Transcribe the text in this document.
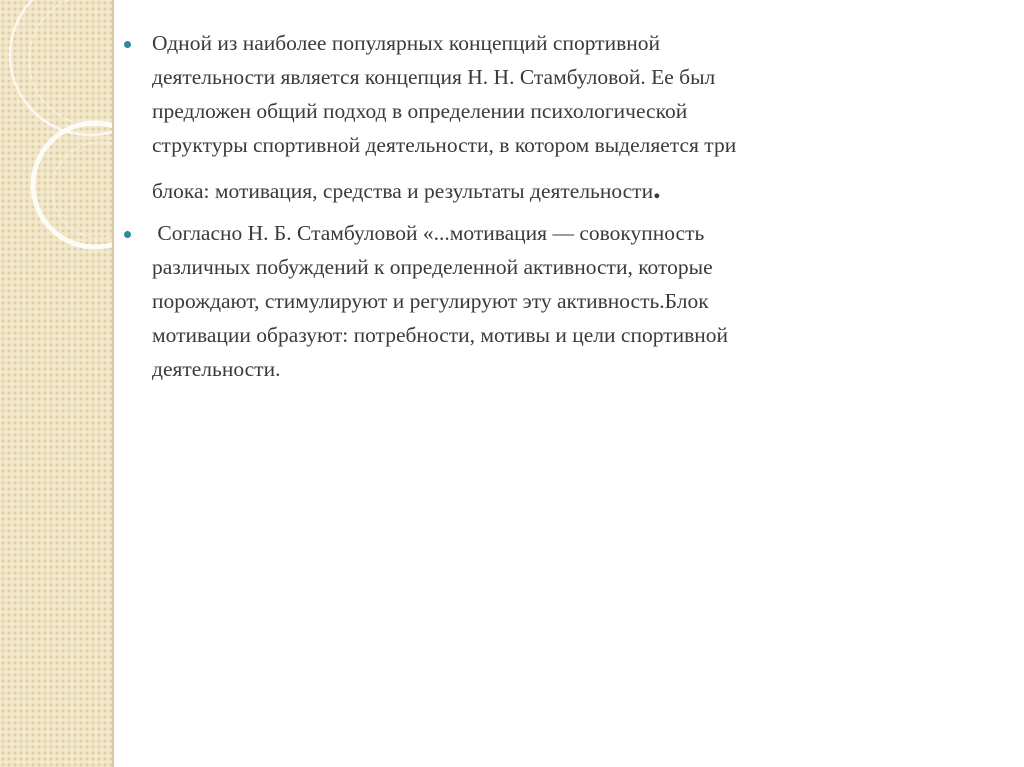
Одной из наиболее популярных концепций спортивной
деятельности является концепция Н. Н. Стамбуловой. Ее был
предложен общий подход в определении психологической
структуры спортивной деятельности, в котором выделяется три
блока: мотивация, средства и результаты деятельности.
Согласно Н. Б. Стамбуловой «...мотивация — совокупность
различных побуждений к определенной активности, которые
порождают, стимулируют и регулируют эту активность.Блок
мотивации образуют: потребности, мотивы и цели спортивной
деятельности.
